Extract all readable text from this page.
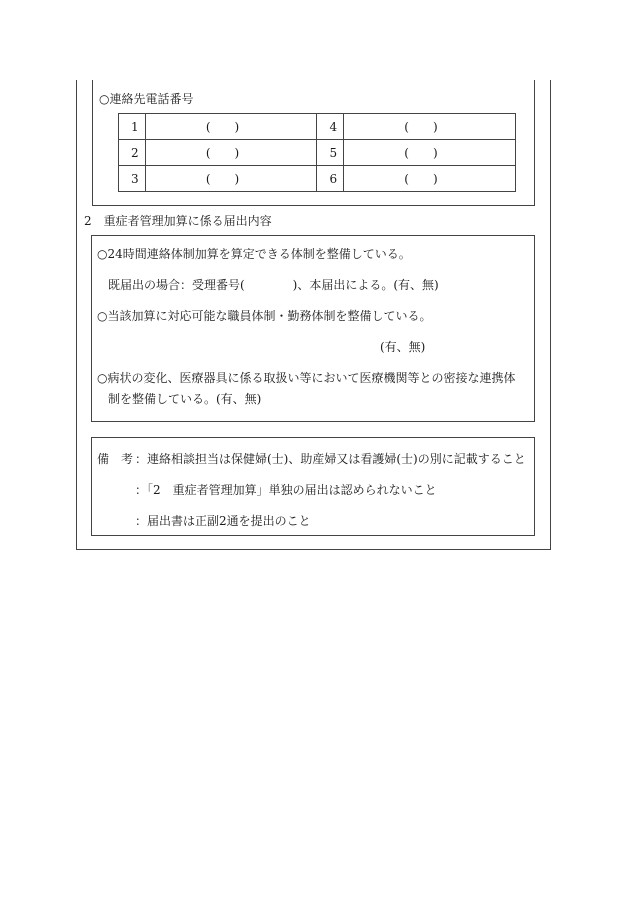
○連絡先電話番号
1	(　　)	4	(　　)
2	(　　)	5	(　　)
3	(　　)	6	(　　)
2　重症者管理加算に係る届出内容
○24時間連絡体制加算を算定できる体制を整備している。
既届出の場合：受理番号(　　　　)、本届出による。(有、無)
○当該加算に対応可能な職員体制・勤務体制を整備している。
(有、無)
○病状の変化、医療器具に係る取扱い等において医療機関等との密接な連携体
制を整備している。(有、無)
備　考 ：連絡相談担当は保健婦(士)、助産婦又は看護婦(士)の別に記載すること
：「2　重症者管理加算」単独の届出は認められないこと
：届出書は正副2通を提出のこと
